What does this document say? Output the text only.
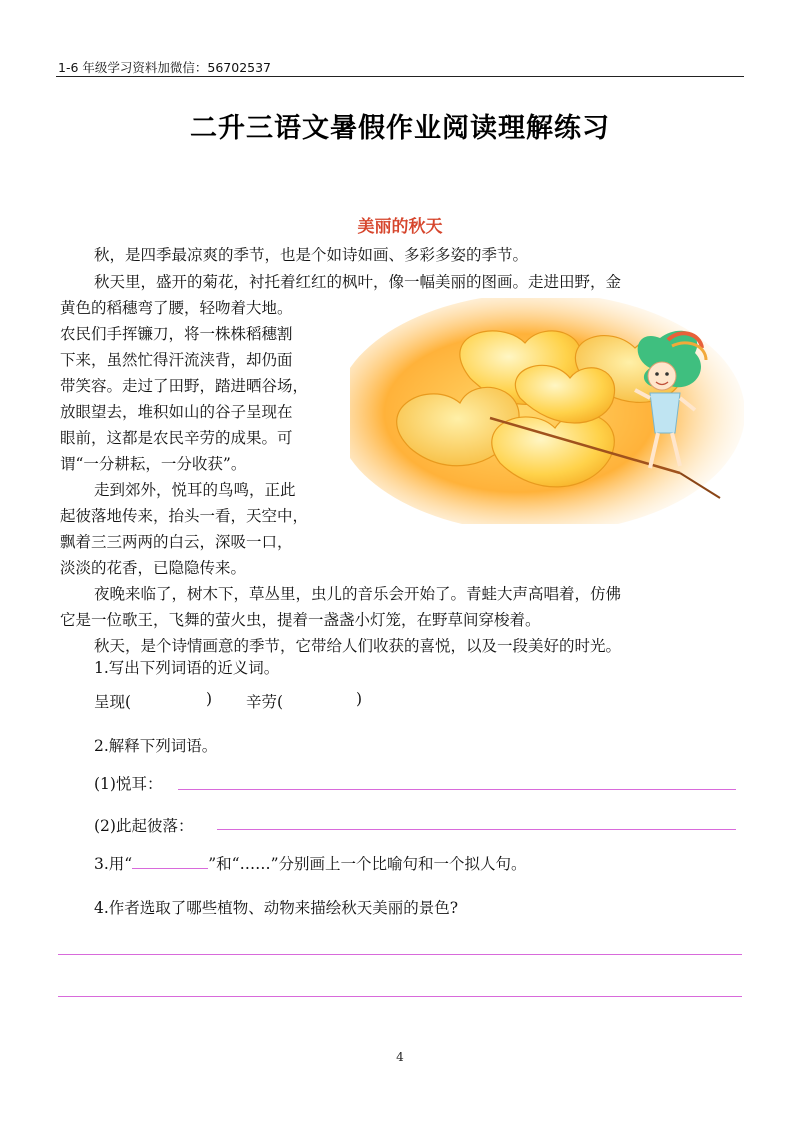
1-6 年级学习资料加微信：56702537
二升三语文暑假作业阅读理解练习
美丽的秋天
秋，是四季最凉爽的季节，也是个如诗如画、多彩多姿的季节。
秋天里，盛开的菊花，衬托着红红的枫叶，像一幅美丽的图画。走进田野，金
黄色的稻穗弯了腰，轻吻着大地。
农民们手挥镰刀，将一株株稻穗割
下来，虽然忙得汗流浃背，却仍面
带笑容。走过了田野，踏进晒谷场，
放眼望去，堆积如山的谷子呈现在
眼前，这都是农民辛劳的成果。可
谓“一分耕耘，一分收获”。
走到郊外，悦耳的鸟鸣，正此
起彼落地传来，抬头一看，天空中，
飘着三三两两的白云，深吸一口，
淡淡的花香，已隐隐传来。
夜晚来临了，树木下，草丛里，虫儿的音乐会开始了。青蛙大声高唱着，仿佛
它是一位歌王，飞舞的萤火虫，提着一盏盏小灯笼，在野草间穿梭着。
秋天，是个诗情画意的季节，它带给人们收获的喜悦，以及一段美好的时光。
1.写出下列词语的近义词。
呈现(	) 辛劳(	)
2.解释下列词语。
(1)悦耳：
(2)此起彼落：
3.用“	”和“……”分别画上一个比喻句和一个拟人句。
4.作者选取了哪些植物、动物来描绘秋天美丽的景色?
4
